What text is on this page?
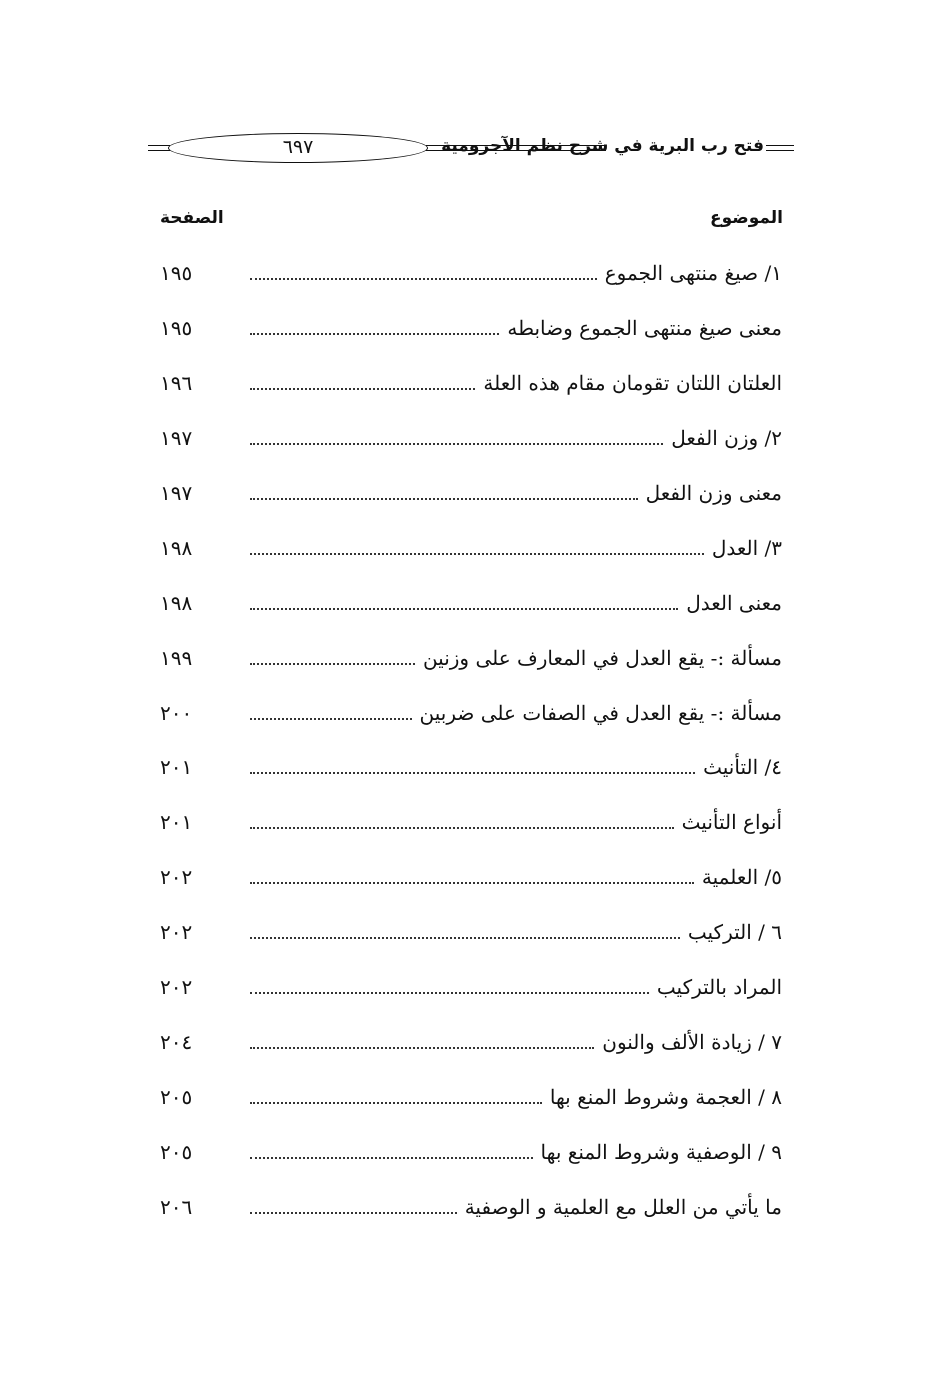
٦٩٧	فتح رب البرية في شرح نظم الآجرومية
الموضوع
الصفحة
١/ صيغ منتهى الجموع
١٩٥
معنى صيغ منتهى الجموع وضابطه
١٩٥
العلتان اللتان تقومان مقام هذه العلة
١٩٦
٢/ وزن الفعل
١٩٧
معنى وزن الفعل
١٩٧
٣/ العدل
١٩٨
معنى العدل
١٩٨
مسألة :- يقع العدل في المعارف على وزنين
١٩٩
مسألة :- يقع العدل في الصفات على ضربين
٢٠٠
٤/ التأنيث
٢٠١
أنواع التأنيث
٢٠١
٥/ العلمية
٢٠٢
٦ / التركيب
٢٠٢
المراد بالتركيب
٢٠٢
٧ / زيادة الألف والنون
٢٠٤
٨ / العجمة وشروط المنع بها
٢٠٥
٩ / الوصفية وشروط المنع بها
٢٠٥
ما يأتي من العلل مع العلمية و الوصفية
٢٠٦
